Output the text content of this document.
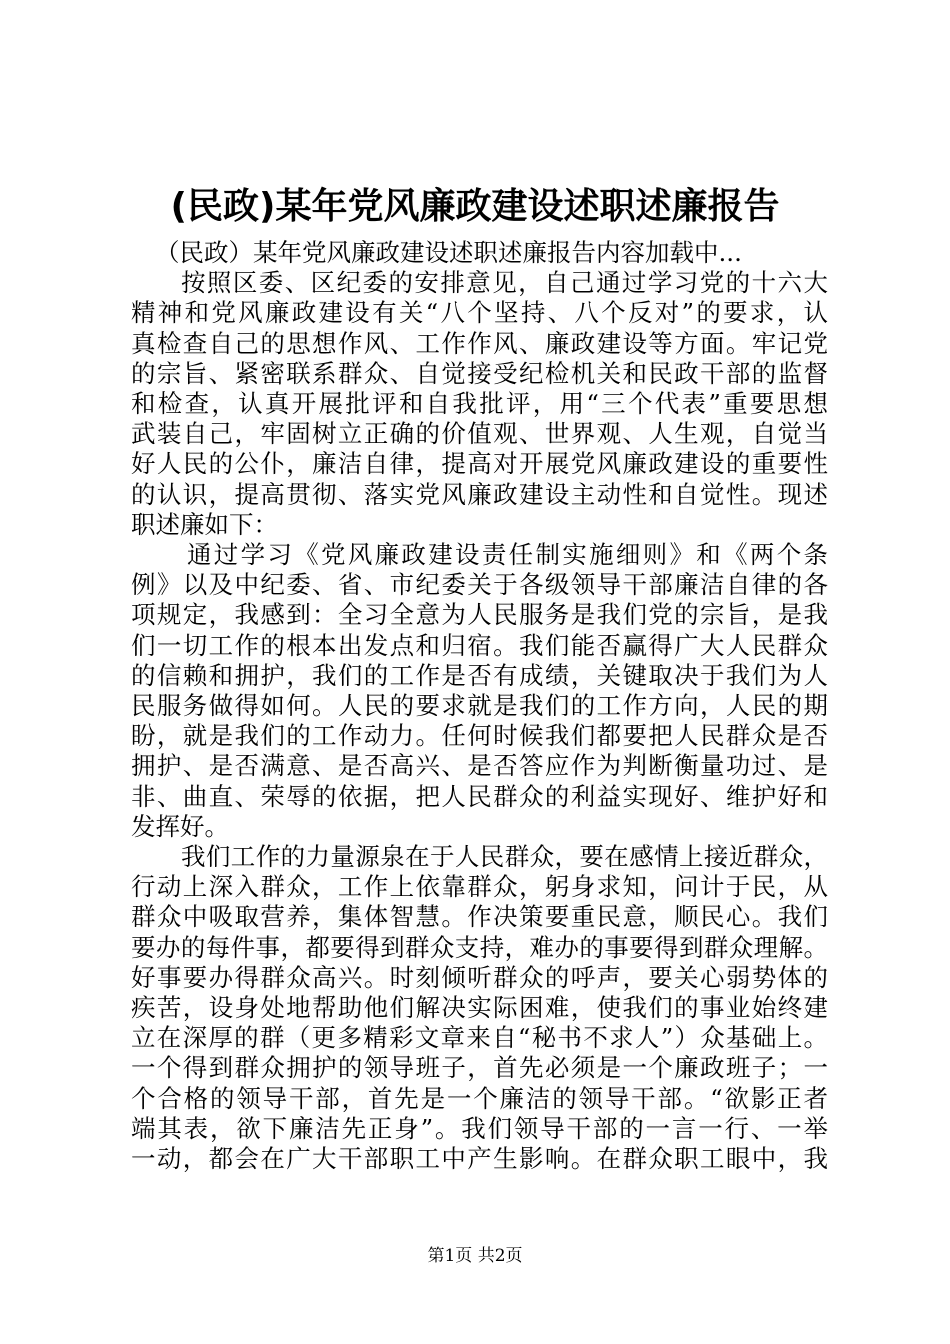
(民政)某年党风廉政建设述职述廉报告

（民政）某年党风廉政建设述职述廉报告内容加载中...

按照区委、区纪委的安排意见，自己通过学习党的十六大
精神和党风廉政建设有关“八个坚持、八个反对”的要求，认
真检查自己的思想作风、工作作风、廉政建设等方面。牢记党
的宗旨、紧密联系群众、自觉接受纪检机关和民政干部的监督
和检查，认真开展批评和自我批评，用“三个代表”重要思想
武装自己，牢固树立正确的价值观、世界观、人生观，自觉当
好人民的公仆，廉洁自律，提高对开展党风廉政建设的重要性
的认识，提高贯彻、落实党风廉政建设主动性和自觉性。现述
职述廉如下：

通过学习《党风廉政建设责任制实施细则》和《两个条
例》以及中纪委、省、市纪委关于各级领导干部廉洁自律的各
项规定，我感到：全习全意为人民服务是我们党的宗旨，是我
们一切工作的根本出发点和归宿。我们能否赢得广大人民群众
的信赖和拥护，我们的工作是否有成绩，关键取决于我们为人
民服务做得如何。人民的要求就是我们的工作方向，人民的期
盼，就是我们的工作动力。任何时候我们都要把人民群众是否
拥护、是否满意、是否高兴、是否答应作为判断衡量功过、是
非、曲直、荣辱的依据，把人民群众的利益实现好、维护好和
发挥好。

我们工作的力量源泉在于人民群众，要在感情上接近群众，
行动上深入群众，工作上依靠群众，躬身求知，问计于民，从
群众中吸取营养，集体智慧。作决策要重民意，顺民心。我们
要办的每件事，都要得到群众支持，难办的事要得到群众理解。
好事要办得群众高兴。时刻倾听群众的呼声，要关心弱势体的
疾苦，设身处地帮助他们解决实际困难，使我们的事业始终建
立在深厚的群（更多精彩文章来自“秘书不求人”）众基础上。
一个得到群众拥护的领导班子，首先必须是一个廉政班子；一
个合格的领导干部，首先是一个廉洁的领导干部。“欲影正者
端其表，欲下廉洁先正身”。我们领导干部的一言一行、一举
一动，都会在广大干部职工中产生影响。在群众职工眼中，我

第1页 共2页
